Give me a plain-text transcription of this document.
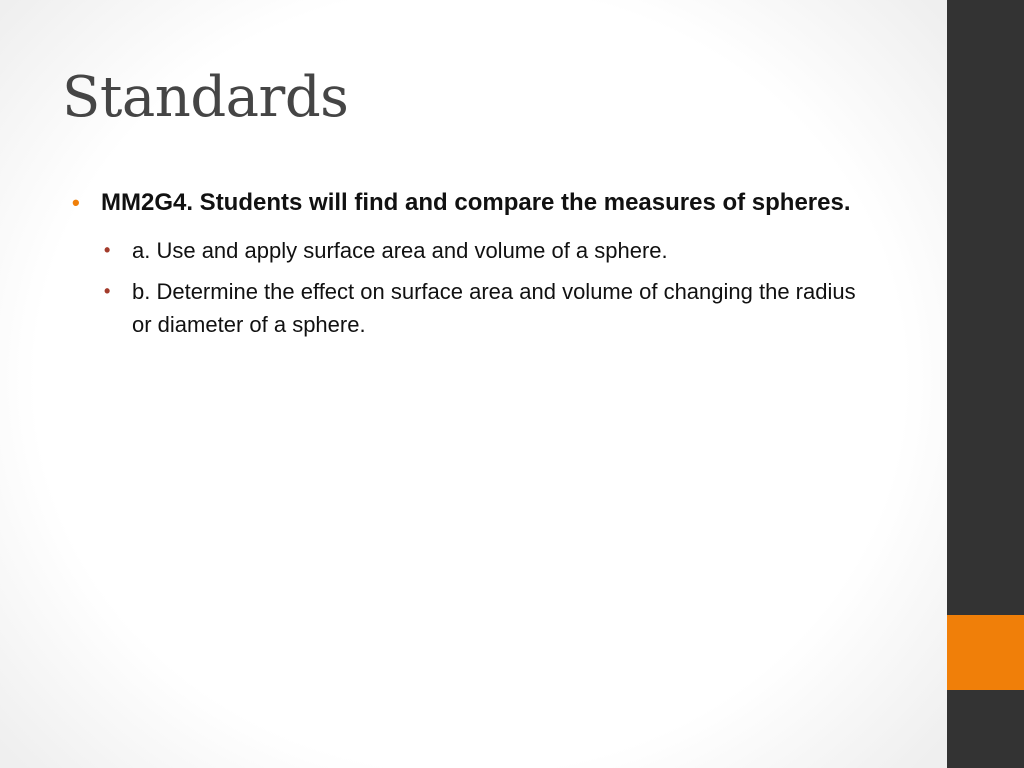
Standards
• MM2G4. Students will find and compare the measures of spheres.
• a. Use and apply surface area and volume of a sphere.
• b. Determine the effect on surface area and volume of changing the radius or diameter of a sphere.
